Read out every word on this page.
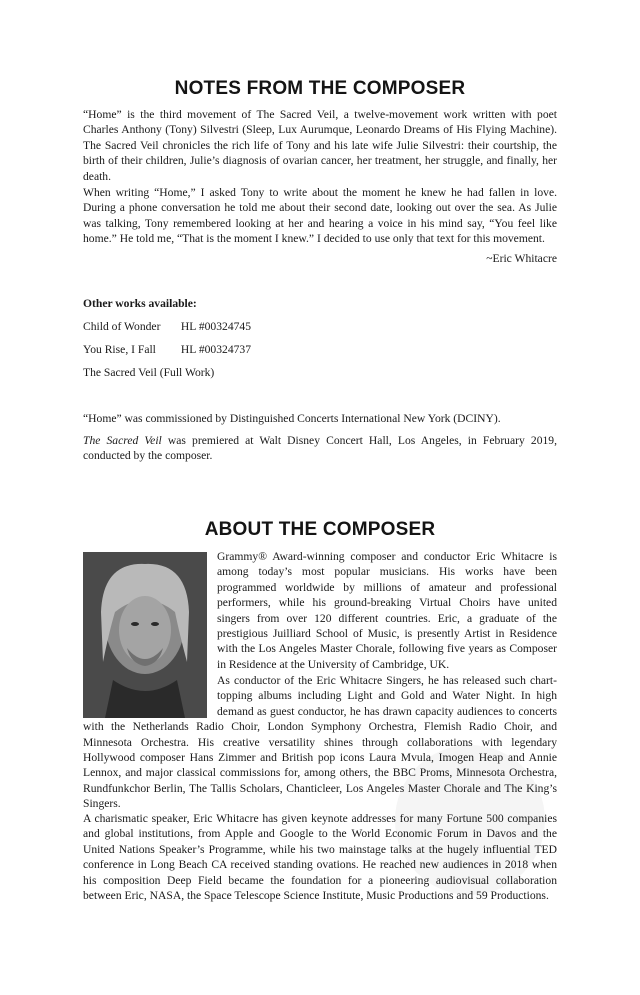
NOTES FROM THE COMPOSER

“Home” is the third movement of The Sacred Veil, a twelve-movement work written with poet Charles Anthony (Tony) Silvestri (Sleep, Lux Aurumque, Leonardo Dreams of His Flying Machine). The Sacred Veil chronicles the rich life of Tony and his late wife Julie Silvestri: their courtship, the birth of their children, Julie’s diagnosis of ovarian cancer, her treatment, her struggle, and finally, her death.

When writing “Home,” I asked Tony to write about the moment he knew he had fallen in love. During a phone conversation he told me about their second date, looking out over the sea. As Julie was talking, Tony remembered looking at her and hearing a voice in his mind say, “You feel like home.” He told me, “That is the moment I knew.” I decided to use only that text for this movement.

~Eric Whitacre
Other works available:
Child of Wonder HL #00324745
You Rise, I Fall HL #00324737
The Sacred Veil (Full Work)

“Home” was commissioned by Distinguished Concerts International New York (DCINY).

The Sacred Veil was premiered at Walt Disney Concert Hall, Los Angeles, in February 2019, conducted by the composer.

ABOUT THE COMPOSER

Grammy® Award-winning composer and conductor Eric Whitacre is among today’s most popular musicians. His works have been programmed worldwide by millions of amateur and professional performers, while his ground-breaking Virtual Choirs have united singers from over 120 different countries. Eric, a graduate of the prestigious Juilliard School of Music, is presently Artist in Residence with the Los Angeles Master Chorale, following five years as Composer in Residence at the University of Cambridge, UK.

As conductor of the Eric Whitacre Singers, he has released such chart-topping albums including Light and Gold and Water Night. In high demand as guest conductor, he has drawn capacity audiences to concerts with the Netherlands Radio Choir, London Symphony Orchestra, Flemish Radio Choir, and Minnesota Orchestra. His creative versatility shines through collaborations with legendary Hollywood composer Hans Zimmer and British pop icons Laura Mvula, Imogen Heap and Annie Lennox, and major classical commissions for, among others, the BBC Proms, Minnesota Orchestra, Rundfunkchor Berlin, The Tallis Scholars, Chanticleer, Los Angeles Master Chorale and The King’s Singers.

A charismatic speaker, Eric Whitacre has given keynote addresses for many Fortune 500 companies and global institutions, from Apple and Google to the World Economic Forum in Davos and the United Nations Speaker’s Programme, while his two mainstage talks at the hugely influential TED conference in Long Beach CA received standing ovations. He reached new audiences in 2018 when his composition Deep Field became the foundation for a pioneering audiovisual collaboration between Eric, NASA, the Space Telescope Science Institute, Music Productions and 59 Productions.
